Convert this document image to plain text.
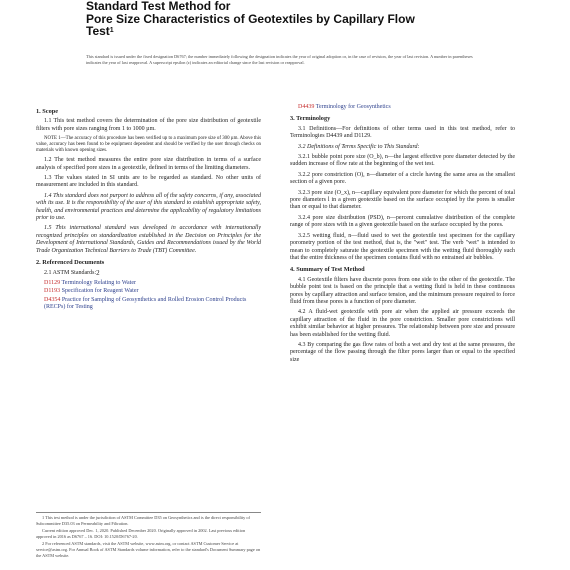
Standard Test Method for
Pore Size Characteristics of Geotextiles by Capillary Flow
Test$^1$
This standard is issued under the fixed designation D6767; the number immediately following the designation indicates the year of original adoption or, in the case of revision, the year of last revision. A number in parentheses indicates the year of last reapproval. A superscript epsilon (ε) indicates an editorial change since the last revision or reapproval.
1. Scope
1.1 This test method covers the determination of the pore size distribution of geotextile filters with pore sizes ranging from 1 to 1000 µm.
NOTE 1—The accuracy of this procedure has been verified up to a maximum pore size of 300 µm. Above this value, accuracy has been found to be equipment dependent and should be verified by the user through checks on materials with known opening sizes.
1.2 The test method measures the entire pore size distribution in terms of a surface analysis of specified pore sizes in a geotextile, defined in terms of the limiting diameters.
1.3 The values stated in SI units are to be regarded as standard. No other units of measurement are included in this standard.
1.4 This standard does not purport to address all of the safety concerns, if any, associated with its use. It is the responsibility of the user of this standard to establish appropriate safety, health, and environmental practices and determine the applicability of regulatory limitations prior to use.
1.5 This international standard was developed in accordance with internationally recognized principles on standardization established in the Decision on Principles for the Development of International Standards, Guides and Recommendations issued by the World Trade Organization Technical Barriers to Trade (TBT) Committee.
2. Referenced Documents
2.1 ASTM Standards:2
D1129 Terminology Relating to Water
D1193 Specification for Reagent Water
D4354 Practice for Sampling of Geosynthetics and Rolled Erosion Control Products (RECPs) for Testing

1 This test method is under the jurisdiction of ASTM Committee D35 on Geosynthetics and is the direct responsibility of Subcommittee D35.03 on Permeability and Filtration.

Current edition approved Dec. 1, 2020. Published December 2020. Originally approved in 2002. Last previous edition approved in 2016 as D6767 – 16. DOI: 10.1520/D6767-20.

2 For referenced ASTM standards, visit the ASTM website, www.astm.org, or contact ASTM Customer Service at service@astm.org. For Annual Book of ASTM Standards volume information, refer to the standard's Document Summary page on the ASTM website.

D4439 Terminology for Geosynthetics
3. Terminology
3.1 Definitions—For definitions of other terms used in this test method, refer to Terminologies D4439 and D1129.
3.2 Definitions of Terms Specific to This Standard:
3.2.1 bubble point pore size (O_b), n—the largest effective pore diameter detected by the sudden increase of flow rate at the beginning of the wet test.
3.2.2 pore constriction (O), n—diameter of a circle having the same area as the smallest section of a given pore.
3.2.3 pore size (O_x), n—capillary equivalent pore diameter for which the percent of total pore diameters l in a given geotextile based on the surface occupied by the pores is smaller than or equal to that diameter.
3.2.4 pore size distribution (PSD), n—percent cumulative distribution of the complete range of pore sizes with in a given geotextile based on the surface occupied by the pores.
3.2.5 wetting fluid, n—fluid used to wet the geotextile test specimen for the capillary porometry portion of the test method, that is, the "wet" test. The verb "wet" is intended to mean to completely saturate the geotextile specimen with the wetting fluid thoroughly such that the entire thickness of the specimen contains fluid with no entrained air bubbles.
4. Summary of Test Method
4.1 Geotextile filters have discrete pores from one side to the other of the geotextile. The bubble point test is based on the principle that a wetting fluid is held in these continuous pores by capillary attraction and surface tension, and the minimum pressure required to force fluid from these pores is a function of pore diameter.
4.2 A fluid-wet geotextile with pore air when the applied air pressure exceeds the capillary attraction of the fluid in the pore constriction. Smaller pore constrictions will exhibit similar behavior at higher pressures. The relationship between pore size and pressure has been established for the wetting fluid.
4.3 By comparing the gas flow rates of both a wet and dry test at the same pressures, the percentage of the flow passing through the filter pores larger than or equal to the specified size
